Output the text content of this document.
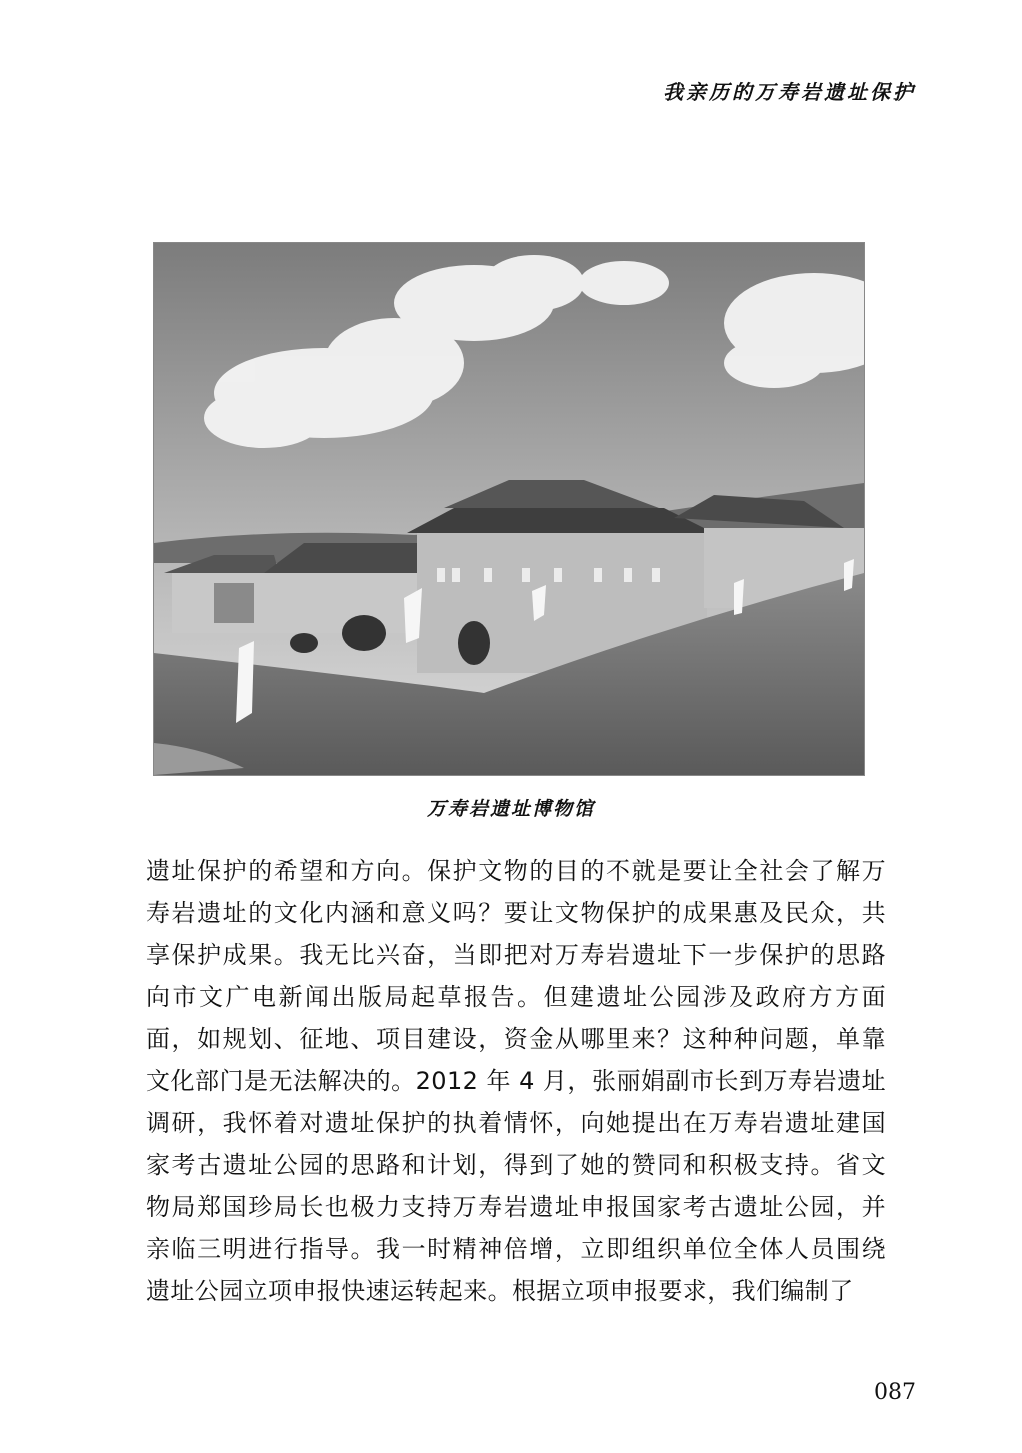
我亲历的万寿岩遗址保护
万寿岩遗址博物馆
遗址保护的希望和方向。保护文物的目的不就是要让全社会了解万
寿岩遗址的文化内涵和意义吗？要让文物保护的成果惠及民众，共
享保护成果。我无比兴奋，当即把对万寿岩遗址下一步保护的思路
向市文广电新闻出版局起草报告。但建遗址公园涉及政府方方面
面，如规划、征地、项目建设，资金从哪里来？这种种问题，单靠
文化部门是无法解决的。2012 年 4 月，张丽娟副市长到万寿岩遗址
调研，我怀着对遗址保护的执着情怀，向她提出在万寿岩遗址建国
家考古遗址公园的思路和计划，得到了她的赞同和积极支持。省文
物局郑国珍局长也极力支持万寿岩遗址申报国家考古遗址公园，并
亲临三明进行指导。我一时精神倍增，立即组织单位全体人员围绕
遗址公园立项申报快速运转起来。根据立项申报要求，我们编制了
087
